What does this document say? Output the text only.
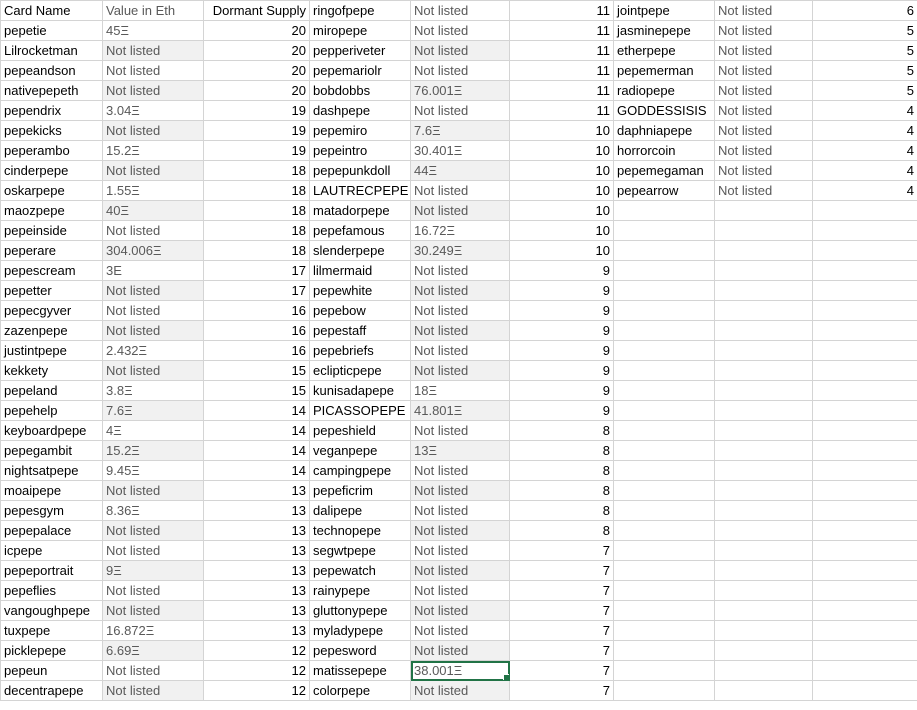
Card Name	Value in Eth	Dormant Supply	ringofpepe	Not listed	11	jointpepe	Not listed	6
pepetie	45Ξ	20	miropepe	Not listed	11	jasminepepe	Not listed	5
Lilrocketman	Not listed	20	pepperiveter	Not listed	11	etherpepe	Not listed	5
pepeandson	Not listed	20	pepemariolr	Not listed	11	pepemerman	Not listed	5
nativepepeth	Not listed	20	bobdobbs	76.001Ξ	11	radiopepe	Not listed	5
pependrix	3.04Ξ	19	dashpepe	Not listed	11	GODDESSISIS	Not listed	4
pepekicks	Not listed	19	pepemiro	7.6Ξ	10	daphniapepe	Not listed	4
peperambo	15.2Ξ	19	pepeintro	30.401Ξ	10	horrorcoin	Not listed	4
cinderpepe	Not listed	18	pepepunkdoll	44Ξ	10	pepemegaman	Not listed	4
oskarpepe	1.55Ξ	18	LAUTRECPEPE	Not listed	10	pepearrow	Not listed	4
maozpepe	40Ξ	18	matadorpepe	Not listed	10			
pepeinside	Not listed	18	pepefamous	16.72Ξ	10			
peperare	304.006Ξ	18	slenderpepe	30.249Ξ	10			
pepescream	3E	17	lilmermaid	Not listed	9			
pepetter	Not listed	17	pepewhite	Not listed	9			
pepecgyver	Not listed	16	pepebow	Not listed	9			
zazenpepe	Not listed	16	pepestaff	Not listed	9			
justintpepe	2.432Ξ	16	pepebriefs	Not listed	9			
kekkety	Not listed	15	eclipticpepe	Not listed	9			
pepeland	3.8Ξ	15	kunisadapepe	18Ξ	9			
pepehelp	7.6Ξ	14	PICASSOPEPE	41.801Ξ	9			
keyboardpepe	4Ξ	14	pepeshield	Not listed	8			
pepegambit	15.2Ξ	14	veganpepe	13Ξ	8			
nightsatpepe	9.45Ξ	14	campingpepe	Not listed	8			
moaipepe	Not listed	13	pepeficrim	Not listed	8			
pepesgym	8.36Ξ	13	dalipepe	Not listed	8			
pepepalace	Not listed	13	technopepe	Not listed	8			
icpepe	Not listed	13	segwtpepe	Not listed	7			
pepeportrait	9Ξ	13	pepewatch	Not listed	7			
pepeflies	Not listed	13	rainypepe	Not listed	7			
vangoughpepe	Not listed	13	gluttonypepe	Not listed	7			
tuxpepe	16.872Ξ	13	myladypepe	Not listed	7			
picklepepe	6.69Ξ	12	pepesword	Not listed	7			
pepeun	Not listed	12	matissepepe	38.001Ξ	7			
decentrapepe	Not listed	12	colorpepe	Not listed	7			
